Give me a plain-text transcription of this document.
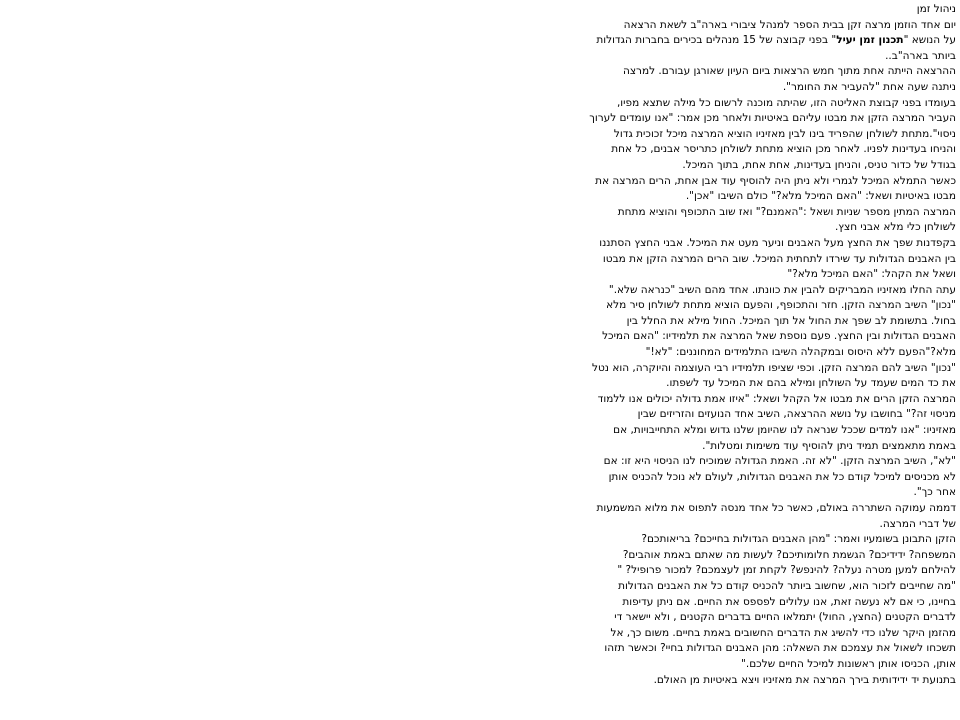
ניהול זמן
יום אחד הוזמן מרצה זקן בבית הספר למנהל ציבורי בארה"ב לשאת הרצאה
על הנושא "תכנון זמן יעיל" בפני קבוצה של 15 מנהלים בכירים בחברות הגדולות
ביותר בארה"ב..
ההרצאה הייתה אחת מתוך חמש הרצאות ביום העיון שאורגן עבורם. למרצה
ניתנה שעה אחת "להעביר את החומר".
בעומדו בפני קבוצת האליטה הזו, שהיתה מוכנה לרשום כל מילה שתצא מפיו,
העביר המרצה הזקן את מבטו עליהם באיטיות ולאחר מכן אמר: "אנו עומדים לערוך
ניסוי".מתחת לשולחן שהפריד בינו לבין מאזיניו הוציא המרצה מיכל זכוכית גדול
והניחו בעדינות לפניו. לאחר מכן הוציא מתחת לשולחן כתריסר אבנים, כל אחת
בגודל של כדור טניס, והניחן בעדינות, אחת אחת, בתוך המיכל.
כאשר התמלא המיכל לגמרי ולא ניתן היה להוסיף עוד אבן אחת, הרים המרצה את
מבטו באיטיות ושאל: "האם המיכל מלא?" כולם השיבו "אכן".
המרצה המתין מספר שניות ושאל :"האמנם?" ואז שוב התכופף והוציא מתחת
לשולחן כלי מלא אבני חצץ.
בקפדנות שפך את החצץ מעל האבנים וניער מעט את המיכל. אבני החצץ הסתננו
בין האבנים הגדולות עד שירדו לתחתית המיכל. שוב הרים המרצה הזקן את מבטו
ושאל את הקהל: "האם המיכל מלא?"
עתה החלו מאזיניו המבריקים להבין את כוונתו. אחד מהם השיב "כנראה שלא."
"נכון" השיב המרצה הזקן. חזר והתכופף, והפעם הוציא מתחת לשולחן סיר מלא
בחול. בתשומת לב שפך את החול אל תוך המיכל. החול מילא את החלל בין
האבנים הגדולות ובין החצץ. פעם נוספת שאל המרצה את תלמידיו: "האם המיכל
מלא?"הפעם ללא היסוס ובמקהלה השיבו התלמידים המחוננים: "לא!"
"נכון" השיב להם המרצה הזקן. וכפי שציפו תלמידיו רבי העוצמה והיוקרה, הוא נטל
את כד המים שעמד על השולחן ומילא בהם את המיכל עד לשפתו.
המרצה הזקן הרים את מבטו אל הקהל ושאל: "איזו אמת גדולה יכולים אנו ללמוד
מניסוי זה?" בחושבו על נושא ההרצאה, השיב אחד הנועזים והזריזים שבין
מאזיניו: "אנו למדים שככל שנראה לנו שהיומן שלנו גדוש ומלא התחייבויות, אם
באמת מתאמצים תמיד ניתן להוסיף עוד משימות ומטלות".
"לא", השיב המרצה הזקן. "לא זה. האמת הגדולה שמוכיח לנו הניסוי היא זו: אם
לא מכניסים למיכל קודם כל את האבנים הגדולות, לעולם לא נוכל להכניס אותן
אחר כך".
דממה עמוקה השתררה באולם, כאשר כל אחד מנסה לתפוס את מלוא המשמעות
של דברי המרצה.
הזקן התבונן בשומעיו ואמר: "מהן האבנים הגדולות בחייכם? בריאותכם?
המשפחה? ידידיכם? הגשמת חלומותיכם? לעשות מה שאתם באמת אוהבים?
להילחם למען מטרה נעלה? להינפש? לקחת זמן לעצמכם? למכור פרופיל? "
"מה שחייבים לזכור הוא, שחשוב ביותר להכניס קודם כל את האבנים הגדולות
בחיינו, כי אם לא נעשה זאת, אנו עלולים לפספס את החיים. אם ניתן עדיפות
לדברים הקטנים (החצץ, החול) יתמלאו החיים בדברים הקטנים , ולא יישאר די
מהזמן היקר שלנו כדי להשיג את הדברים החשובים באמת בחיים. משום כך, אל
תשכחו לשאול את עצמכם את השאלה: מהן האבנים הגדולות בחיי? וכאשר תזהו
אותן, הכניסו אותן ראשונות למיכל החיים שלכם."
בתנועת יד ידידותית בירך המרצה את מאזיניו ויצא באיטיות מן האולם.
